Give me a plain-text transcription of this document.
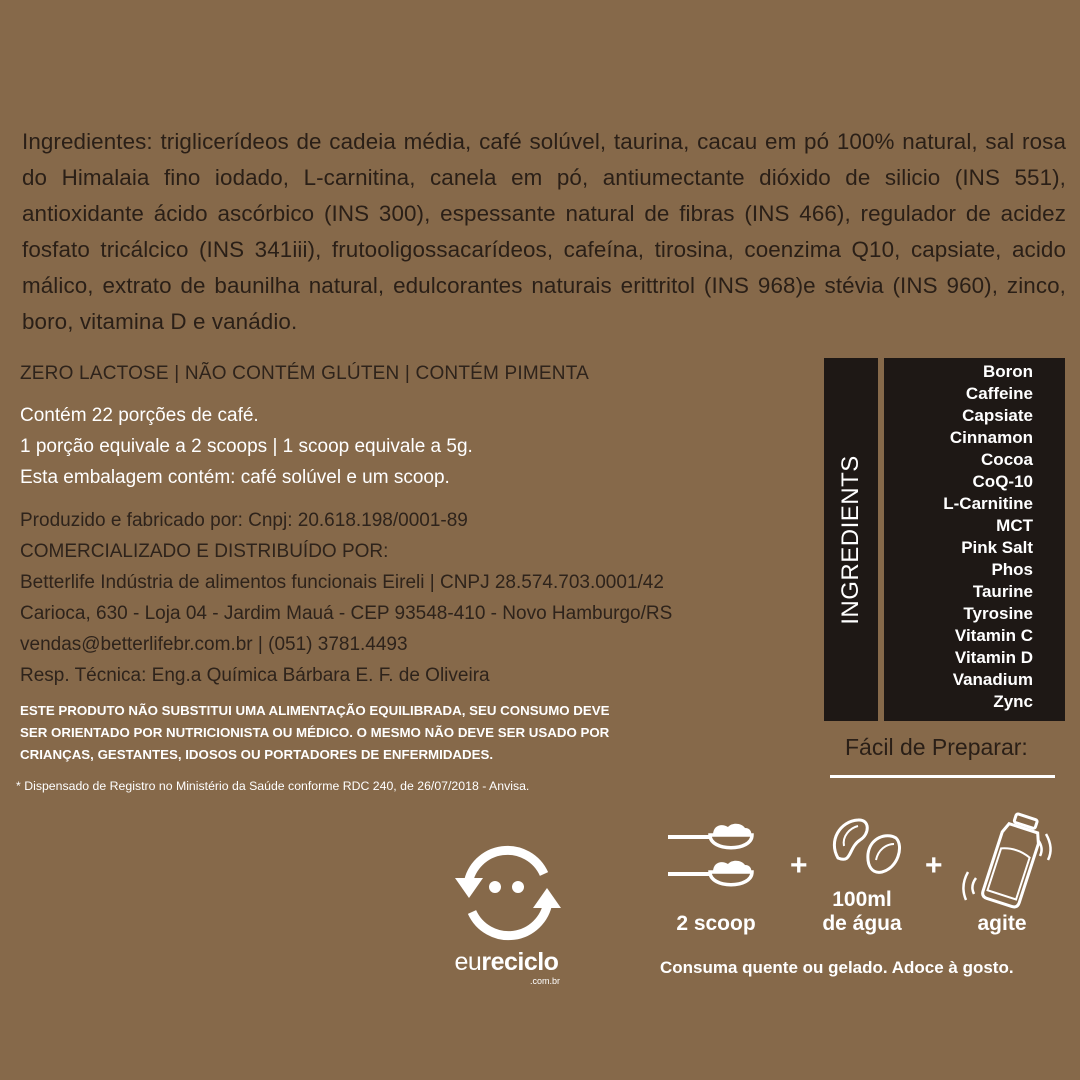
Ingredientes: triglicerídeos de cadeia média, café solúvel, taurina, cacau em pó 100% natural, sal rosa do Himalaia fino iodado, L-carnitina, canela em pó, antiumectante dióxido de silicio (INS 551), antioxidante ácido ascórbico (INS 300), espessante natural de fibras (INS 466), regulador de acidez fosfato tricálcico (INS 341iii), frutooligossacarídeos, cafeína, tirosina, coenzima Q10, capsiate, acido málico, extrato de baunilha natural, edulcorantes naturais erittritol (INS 968)e stévia (INS 960), zinco, boro, vitamina D e vanádio.
ZERO LACTOSE | NÃO CONTÉM GLÚTEN | CONTÉM PIMENTA
Contém 22 porções de café.
1 porção equivale a 2 scoops | 1 scoop equivale a 5g.
Esta embalagem contém: café solúvel e um scoop.
Produzido e fabricado por: Cnpj: 20.618.198/0001-89
COMERCIALIZADO E DISTRIBUÍDO POR:
Betterlife Indústria de alimentos funcionais Eireli | CNPJ 28.574.703.0001/42
Carioca, 630 - Loja 04 - Jardim Mauá - CEP 93548-410 - Novo Hamburgo/RS
vendas@betterlifebr.com.br | (051) 3781.4493
Resp. Técnica: Eng.a Química Bárbara E. F. de Oliveira
ESTE PRODUTO NÃO SUBSTITUI UMA ALIMENTAÇÃO EQUILIBRADA, SEU CONSUMO DEVE
SER ORIENTADO POR NUTRICIONISTA OU MÉDICO. O MESMO NÃO DEVE SER USADO POR
CRIANÇAS, GESTANTES, IDOSOS OU PORTADORES DE ENFERMIDADES.
* Dispensado de Registro no Ministério da Saúde conforme RDC 240, de 26/07/2018 - Anvisa.
INGREDIENTS
Boron
Caffeine
Capsiate
Cinnamon
Cocoa
CoQ-10
L-Carnitine
MCT
Pink Salt
Phos
Taurine
Tyrosine
Vitamin C
Vitamin D
Vanadium
Zync
Fácil de Preparar:
eureciclo
.com.br
2 scoop
+
100ml
de água
+
agite
Consuma quente ou gelado. Adoce à gosto.
